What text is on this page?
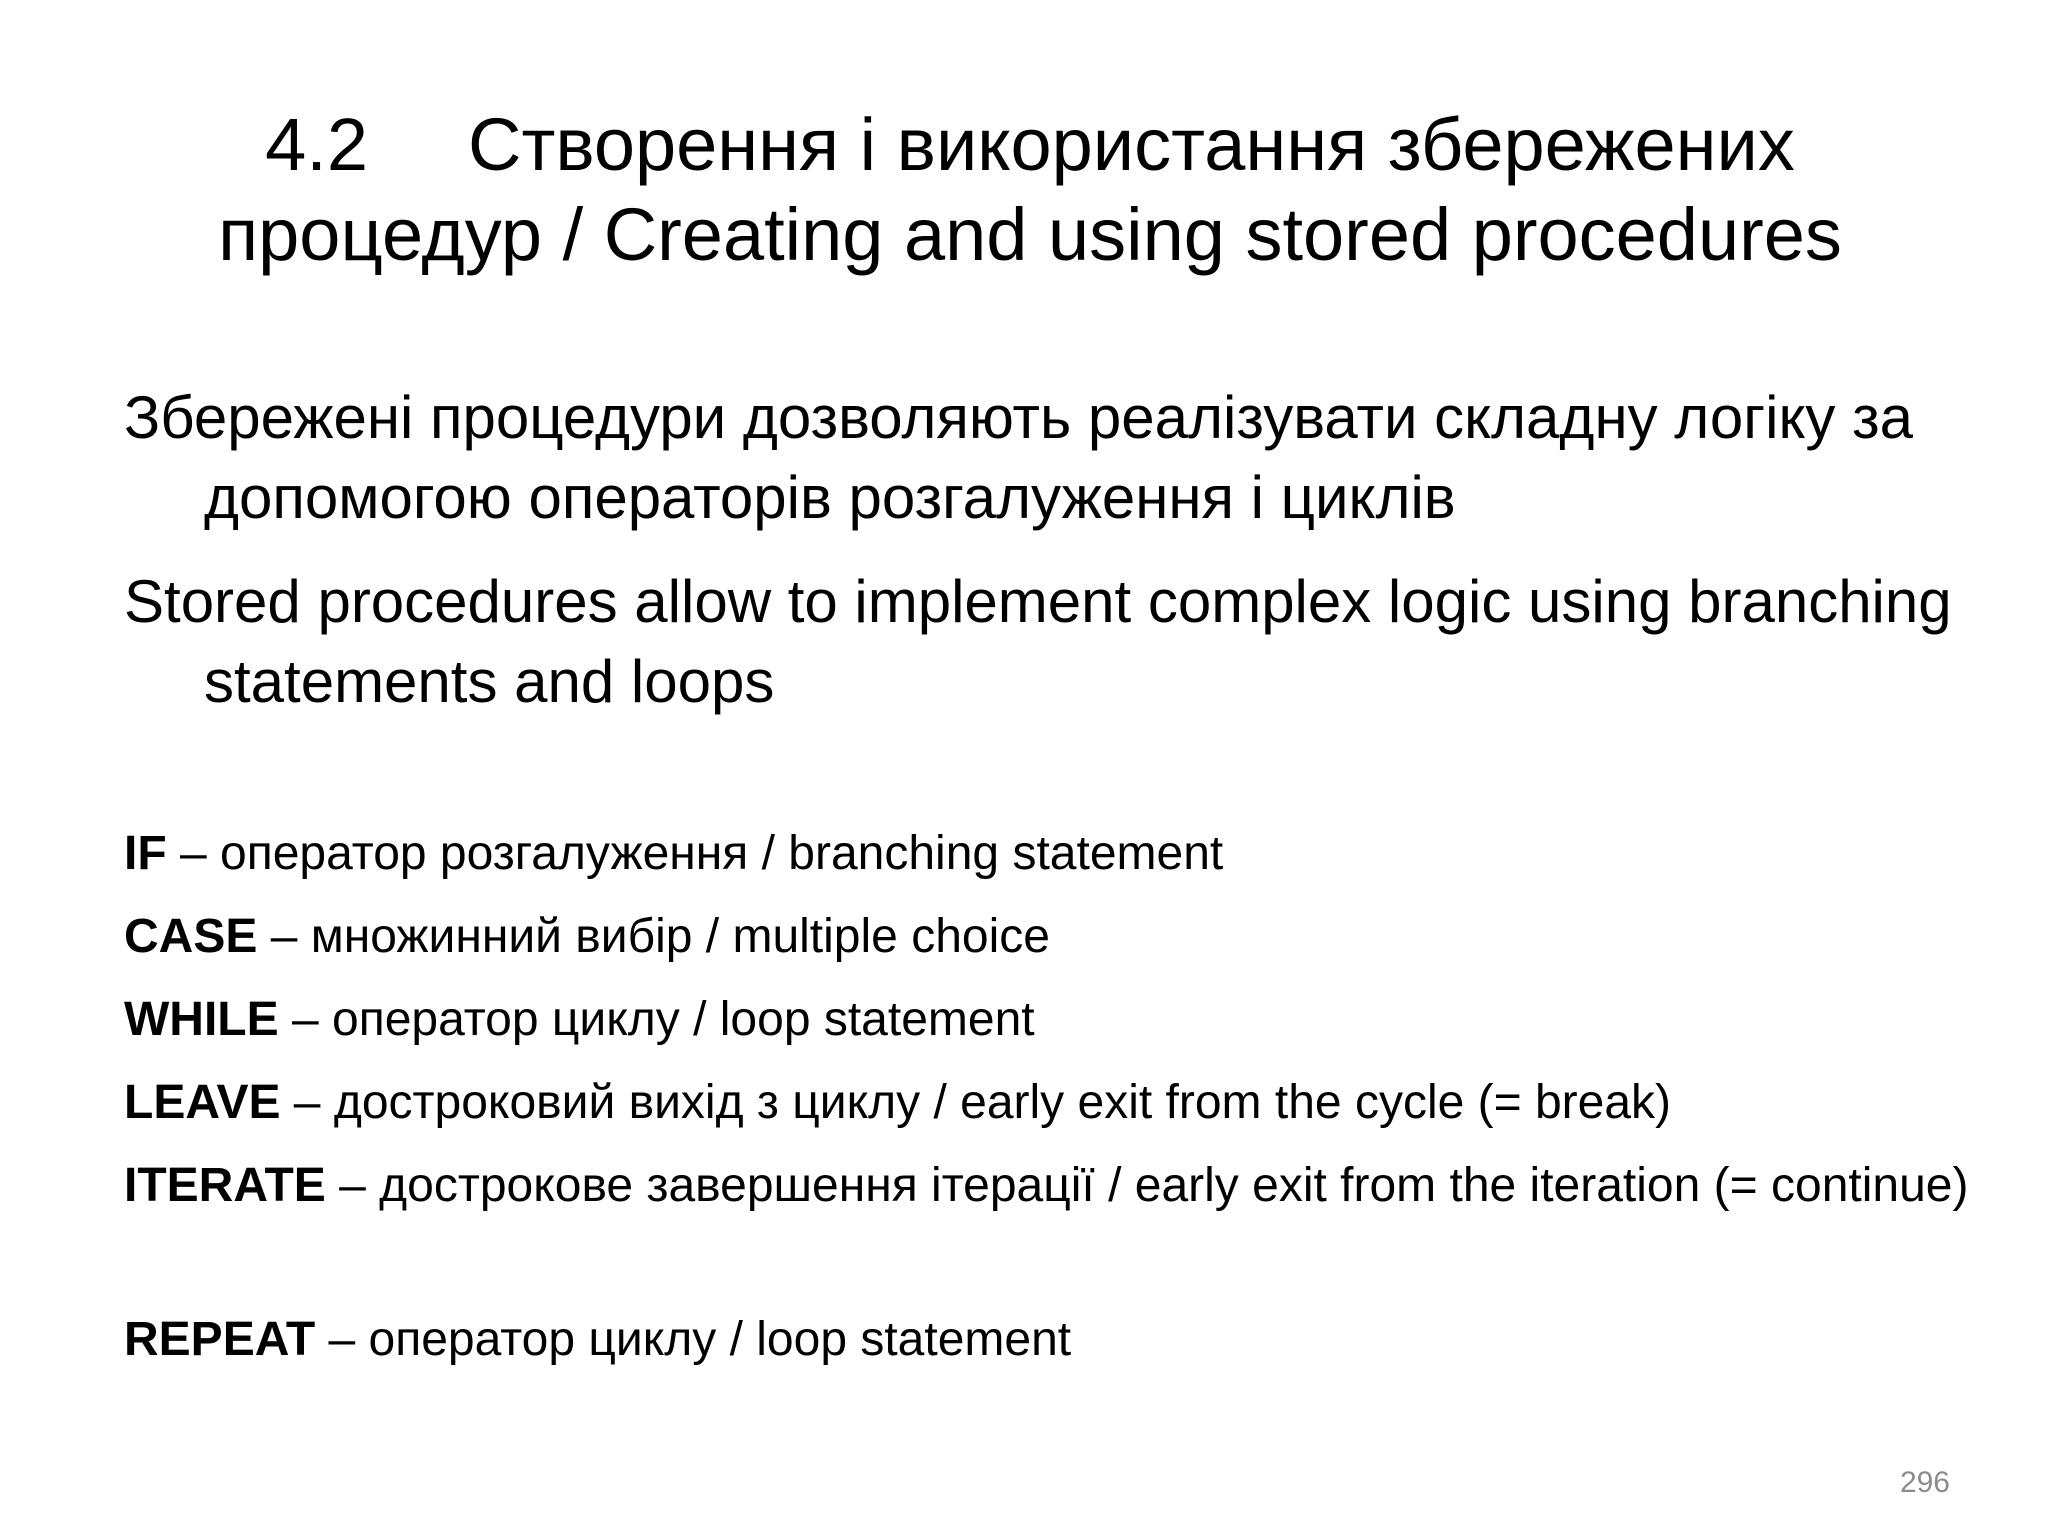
4.2 Створення і використання збережених
процедур / Creating and using stored procedures

Збережені процедури дозволяють реалізувати складну логіку за допомогою операторів розгалуження і циклів

Stored procedures allow to implement complex logic using branching statements and loops

IF – оператор розгалуження / branching statement

CASE – множинний вибір / multiple choice

WHILE – оператор циклу / loop statement

LEAVE – достроковий вихід з циклу / early exit from the cycle (= break)

ITERATE – дострокове завершення ітерації / early exit from the iteration (= continue)

REPEAT – оператор циклу / loop statement

296
